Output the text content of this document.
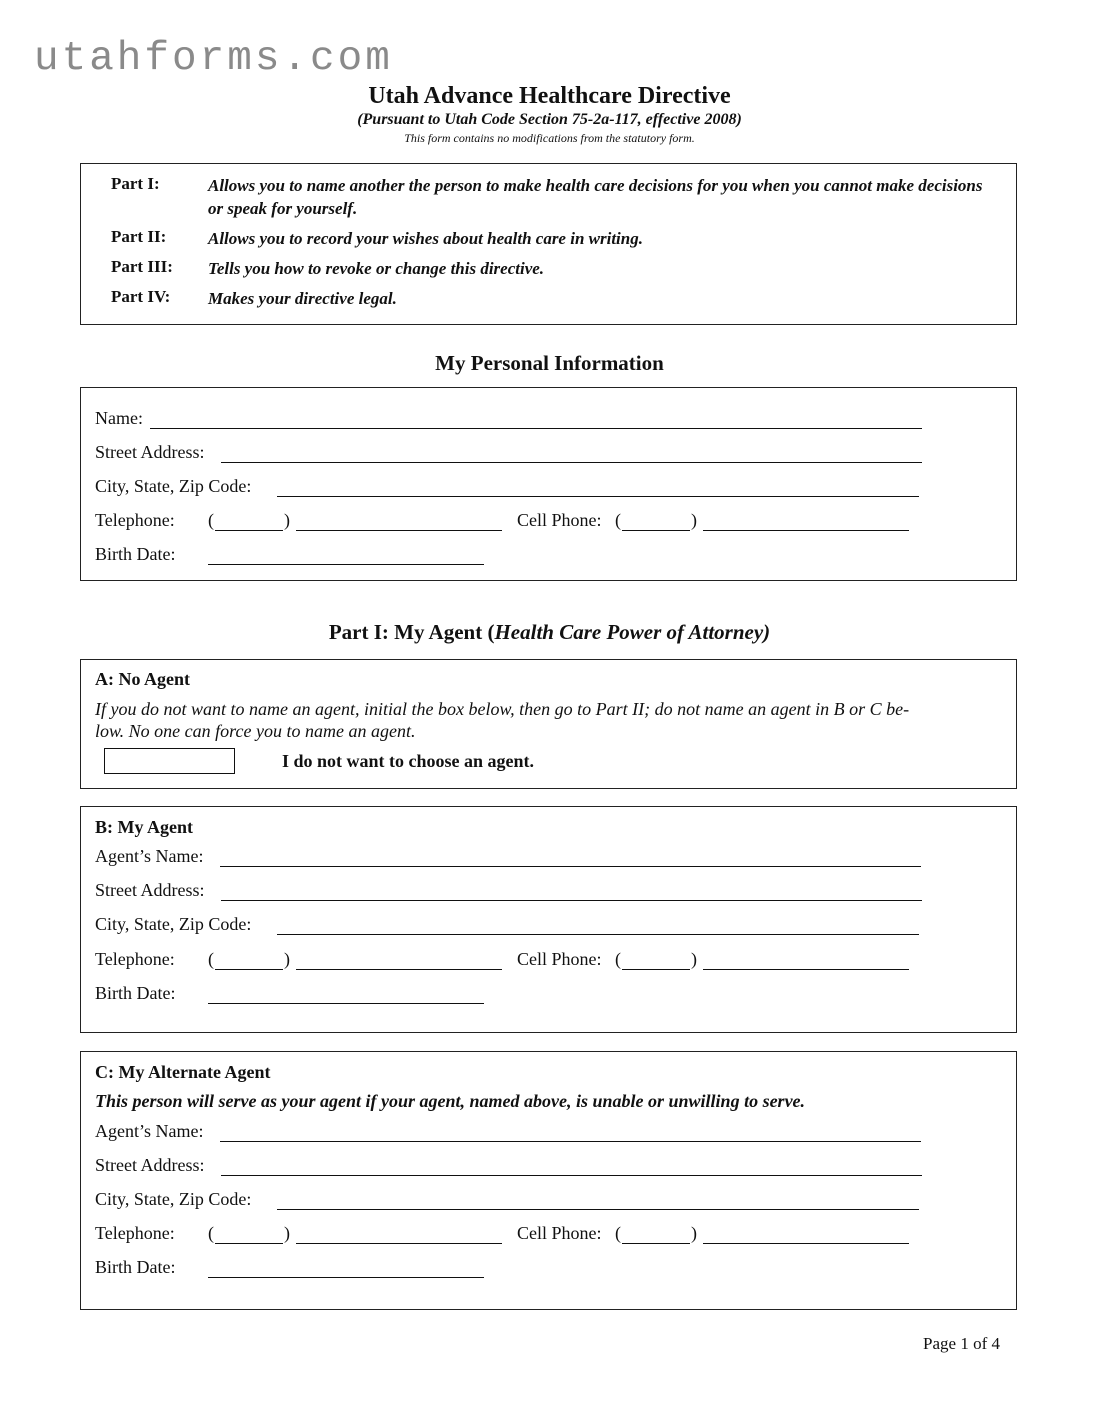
utahforms.com
Utah Advance Healthcare Directive
(Pursuant to Utah Code Section 75-2a-117, effective 2008)
This form contains no modifications from the statutory form.
Part I:	Allows you to name another the person to make health care decisions for you when you cannot make decisions or speak for yourself.
Part II: Allows you to record your wishes about health care in writing.
Part III: Tells you how to revoke or change this directive.
Part IV: Makes your directive legal.
My Personal Information
Name:
Street Address:
City, State, Zip Code:
Telephone: (	)	Cell Phone: (	)
Birth Date:
Part I: My Agent (Health Care Power of Attorney)
A: No Agent
If you do not want to name an agent, initial the box below, then go to Part II; do not name an agent in B or C be-
low. No one can force you to name an agent.
I do not want to choose an agent.
B: My Agent
Agent’s Name:
Street Address:
City, State, Zip Code:
Telephone: (	)	Cell Phone: (	)
Birth Date:
C: My Alternate Agent
This person will serve as your agent if your agent, named above, is unable or unwilling to serve.
Agent’s Name:
Street Address:
City, State, Zip Code:
Telephone: (	)	Cell Phone: (	)
Birth Date:
Page 1 of 4
